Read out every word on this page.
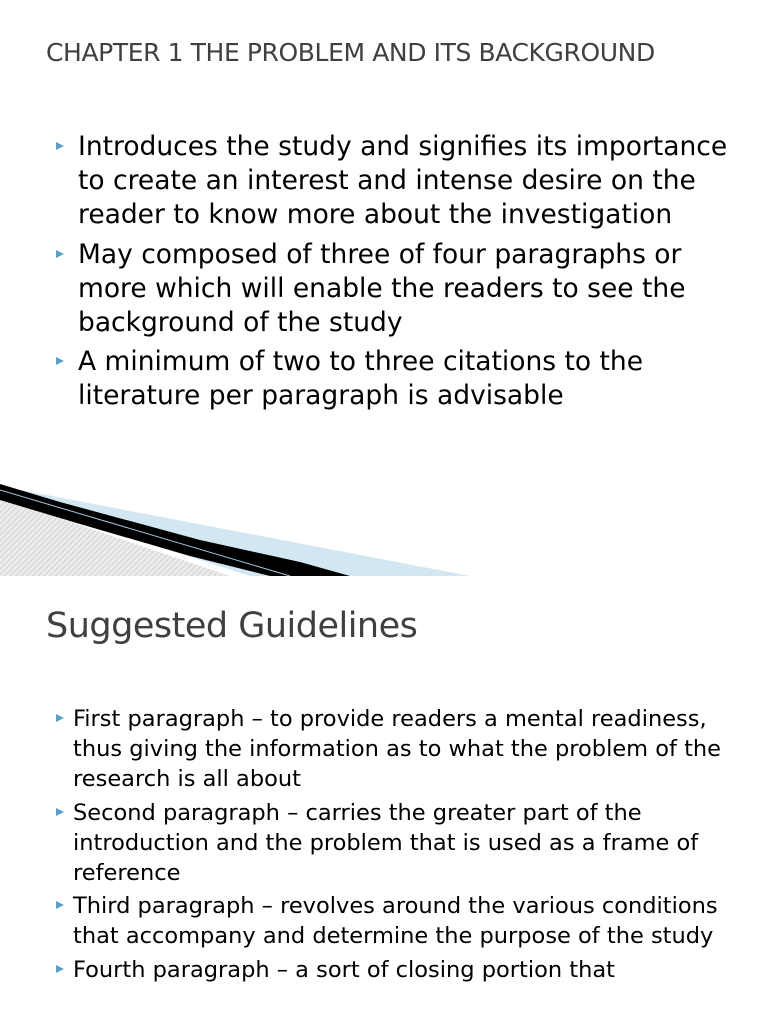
CHAPTER 1 THE PROBLEM AND ITS BACKGROUND
Introduces the study and signifies its importance to create an interest and intense desire on the reader to know more about the investigation
May composed of three of four paragraphs or more which will enable the readers to see the background of the study
A minimum of two to three citations to the literature per paragraph is advisable
Suggested Guidelines
First paragraph – to provide readers a mental readiness, thus giving the information as to what the problem of the research is all about
Second paragraph – carries the greater part of the introduction and the problem that is used as a frame of reference
Third paragraph – revolves around the various conditions that accompany and determine the purpose of the study
Fourth paragraph – a sort of closing portion that
